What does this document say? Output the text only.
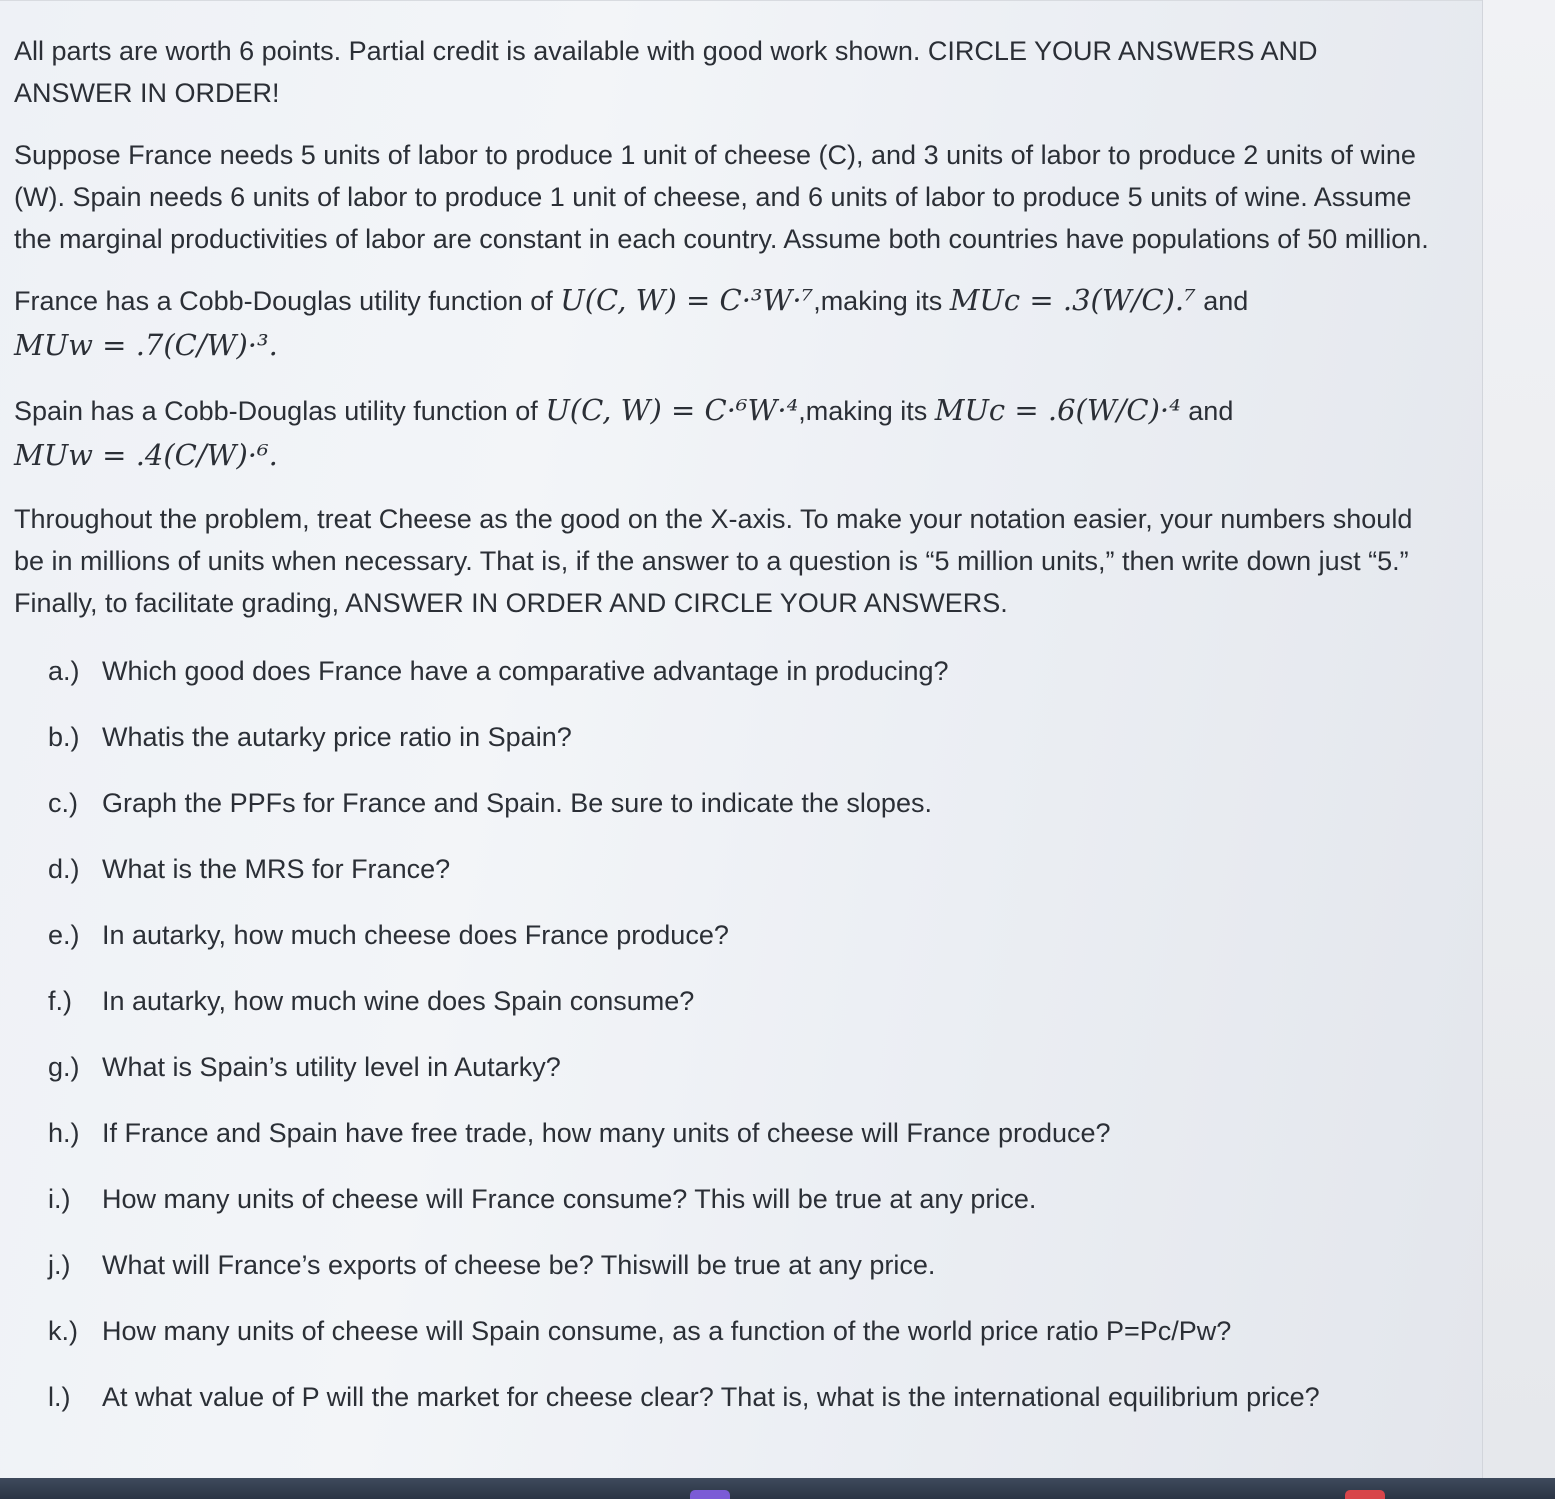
All parts are worth 6 points. Partial credit is available with good work shown. CIRCLE YOUR ANSWERS AND ANSWER IN ORDER!

Suppose France needs 5 units of labor to produce 1 unit of cheese (C), and 3 units of labor to produce 2 units of wine (W). Spain needs 6 units of labor to produce 1 unit of cheese, and 6 units of labor to produce 5 units of wine. Assume the marginal productivities of labor are constant in each country. Assume both countries have populations of 50 million.

France has a Cobb-Douglas utility function of U(C, W) = C·³W·⁷,making its MUc = .3(W/C).⁷ and
MUw = .7(C/W)·³.

Spain has a Cobb-Douglas utility function of U(C, W) = C·⁶W·⁴,making its MUc = .6(W/C)·⁴ and
MUw = .4(C/W)·⁶.

Throughout the problem, treat Cheese as the good on the X-axis. To make your notation easier, your numbers should be in millions of units when necessary. That is, if the answer to a question is “5 million units,” then write down just “5.” Finally, to facilitate grading, ANSWER IN ORDER AND CIRCLE YOUR ANSWERS.

a.) Which good does France have a comparative advantage in producing?
b.) Whatis the autarky price ratio in Spain?
c.) Graph the PPFs for France and Spain. Be sure to indicate the slopes.
d.) What is the MRS for France?
e.) In autarky, how much cheese does France produce?
f.)	In autarky, how much wine does Spain consume?
g.) What is Spain’s utility level in Autarky?
h.) If France and Spain have free trade, how many units of cheese will France produce?
i.)	How many units of cheese will France consume? This will be true at any price.
j.)	What will France’s exports of cheese be? Thiswill be true at any price.
k.) How many units of cheese will Spain consume, as a function of the world price ratio P=Pc/Pw?
l.)	At what value of P will the market for cheese clear? That is, what is the international equilibrium price?
